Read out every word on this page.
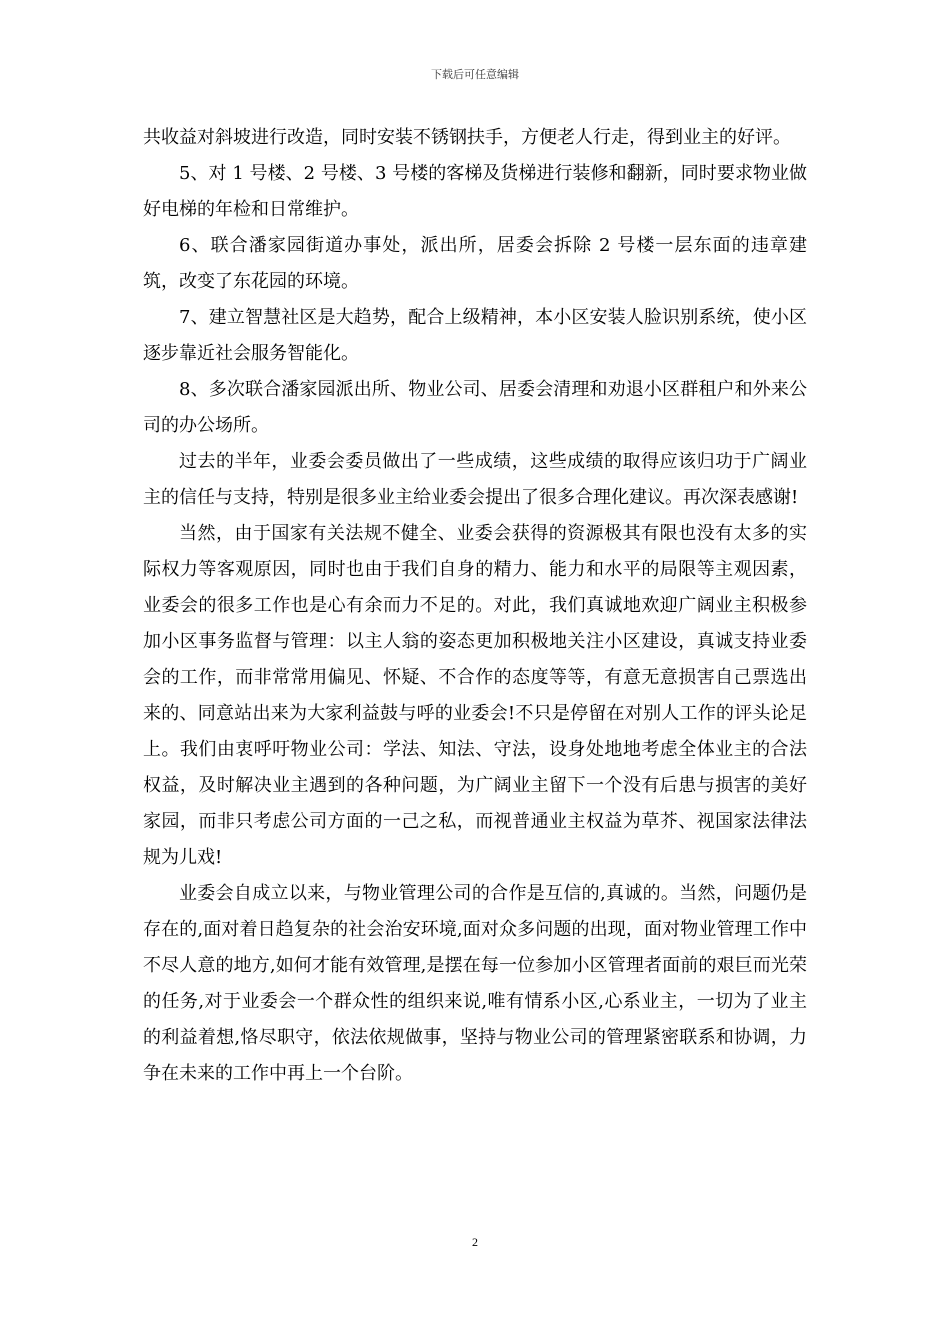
下载后可任意编辑

共收益对斜坡进行改造，同时安装不锈钢扶手，方便老人行走，得到业主的好评。

5、对 1 号楼、2 号楼、3 号楼的客梯及货梯进行装修和翻新，同时要求物业做好电梯的年检和日常维护。

6、联合潘家园街道办事处，派出所，居委会拆除 2 号楼一层东面的违章建筑，改变了东花园的环境。

7、建立智慧社区是大趋势，配合上级精神，本小区安装人脸识别系统，使小区逐步靠近社会服务智能化。

8、多次联合潘家园派出所、物业公司、居委会清理和劝退小区群租户和外来公司的办公场所。

过去的半年，业委会委员做出了一些成绩，这些成绩的取得应该归功于广阔业主的信任与支持，特别是很多业主给业委会提出了很多合理化建议。再次深表感谢!

当然，由于国家有关法规不健全、业委会获得的资源极其有限也没有太多的实际权力等客观原因，同时也由于我们自身的精力、能力和水平的局限等主观因素，业委会的很多工作也是心有余而力不足的。对此，我们真诚地欢迎广阔业主积极参加小区事务监督与管理：以主人翁的姿态更加积极地关注小区建设，真诚支持业委会的工作，而非常常用偏见、怀疑、不合作的态度等等，有意无意损害自己票选出来的、同意站出来为大家利益鼓与呼的业委会!不只是停留在对别人工作的评头论足上。我们由衷呼吁物业公司：学法、知法、守法，设身处地地考虑全体业主的合法权益，及时解决业主遇到的各种问题，为广阔业主留下一个没有后患与损害的美好家园，而非只考虑公司方面的一己之私，而视普通业主权益为草芥、视国家法律法规为儿戏!

业委会自成立以来，与物业管理公司的合作是互信的,真诚的。当然，问题仍是存在的,面对着日趋复杂的社会治安环境,面对众多问题的出现，面对物业管理工作中不尽人意的地方,如何才能有效管理,是摆在每一位参加小区管理者面前的艰巨而光荣的任务,对于业委会一个群众性的组织来说,唯有情系小区,心系业主，一切为了业主的利益着想,恪尽职守，依法依规做事，坚持与物业公司的管理紧密联系和协调，力争在未来的工作中再上一个台阶。

2
